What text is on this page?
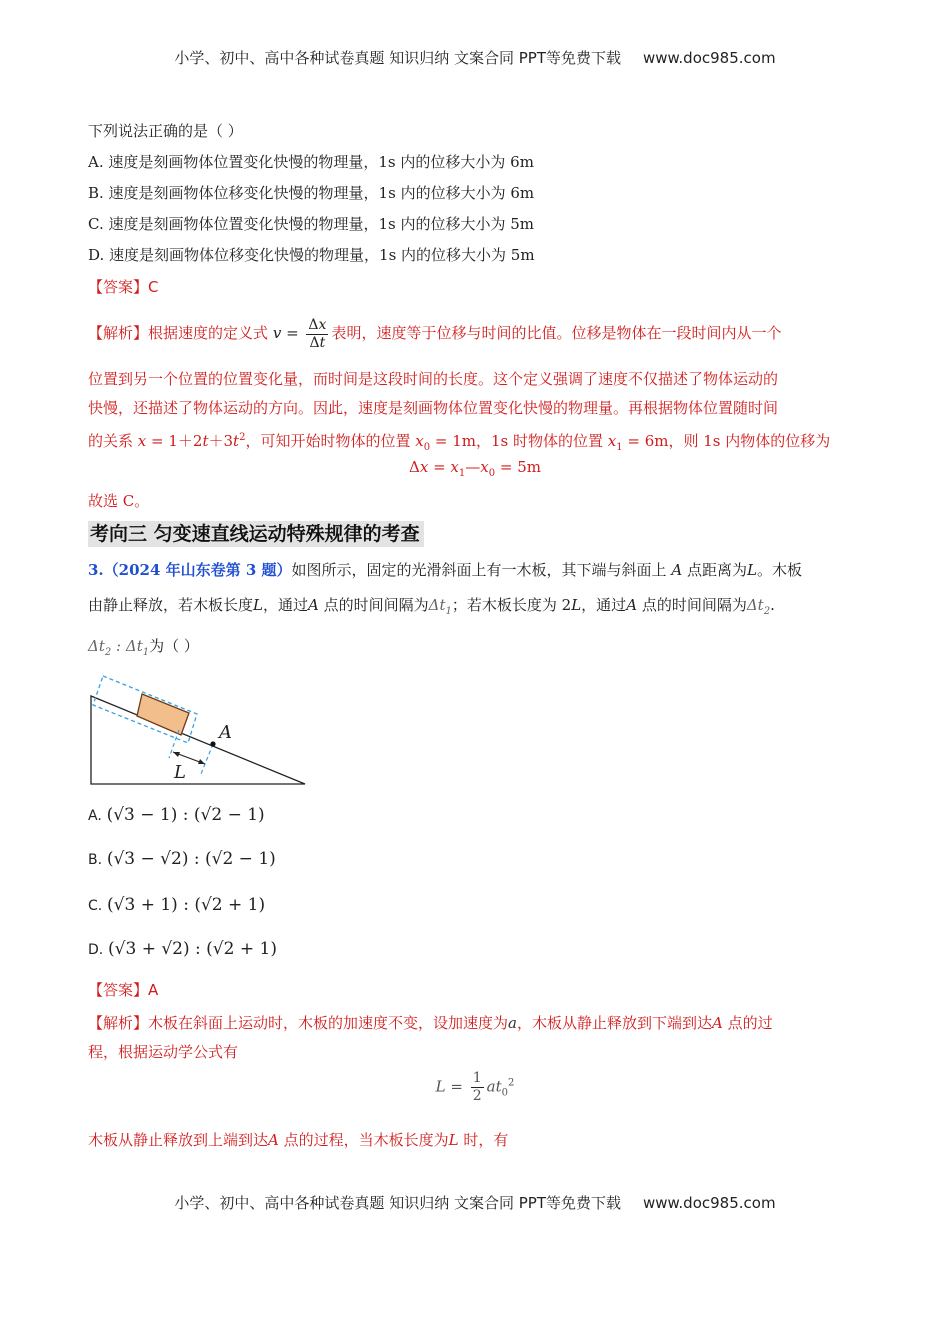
小学、初中、高中各种试卷真题 知识归纳 文案合同 PPT等免费下载 www.doc985.com
下列说法正确的是（ ）
A. 速度是刻画物体位置变化快慢的物理量，1s 内的位移大小为 6m
B. 速度是刻画物体位移变化快慢的物理量，1s 内的位移大小为 6m
C. 速度是刻画物体位置变化快慢的物理量，1s 内的位移大小为 5m
D. 速度是刻画物体位移变化快慢的物理量，1s 内的位移大小为 5m
【答案】C
【解析】根据速度的定义式 $v = \frac{\Delta x}{\Delta t}$ 表明，速度等于位移与时间的比值。位移是物体在一段时间内从一个
位置到另一个位置的位置变化量，而时间是这段时间的长度。这个定义强调了速度不仅描述了物体运动的
快慢，还描述了物体运动的方向。因此，速度是刻画物体位置变化快慢的物理量。再根据物体位置随时间
的关系 $x = 1+2t+3t^2$，可知开始时物体的位置 $x_0 = 1m$，1s 时物体的位置 $x_1 = 6m$，则 1s 内物体的位移为
$\Delta x = x_1—x_0 = 5m$
故选 C。
考向三 匀变速直线运动特殊规律的考查
3.（2024 年山东卷第 3 题）如图所示，固定的光滑斜面上有一木板，其下端与斜面上 A 点距离为L。木板
由静止释放，若木板长度L，通过A 点的时间间隔为$\Delta t_1$；若木板长度为 2L，通过A 点的时间间隔为$\Delta t_2$.
$\Delta t_2$ : $\Delta t_1$为（ ）
A
L
A. (√3 − 1) : (√2 − 1)
B. (√3 − √2) : (√2 − 1)
C. (√3 + 1) : (√2 + 1)
D. (√3 + √2) : (√2 + 1)
【答案】A
【解析】木板在斜面上运动时，木板的加速度不变，设加速度为a，木板从静止释放到下端到达A 点的过
程，根据运动学公式有
$L = \frac{1}{2} at_0^2$
木板从静止释放到上端到达A 点的过程，当木板长度为L 时，有
小学、初中、高中各种试卷真题 知识归纳 文案合同 PPT等免费下载 www.doc985.com
